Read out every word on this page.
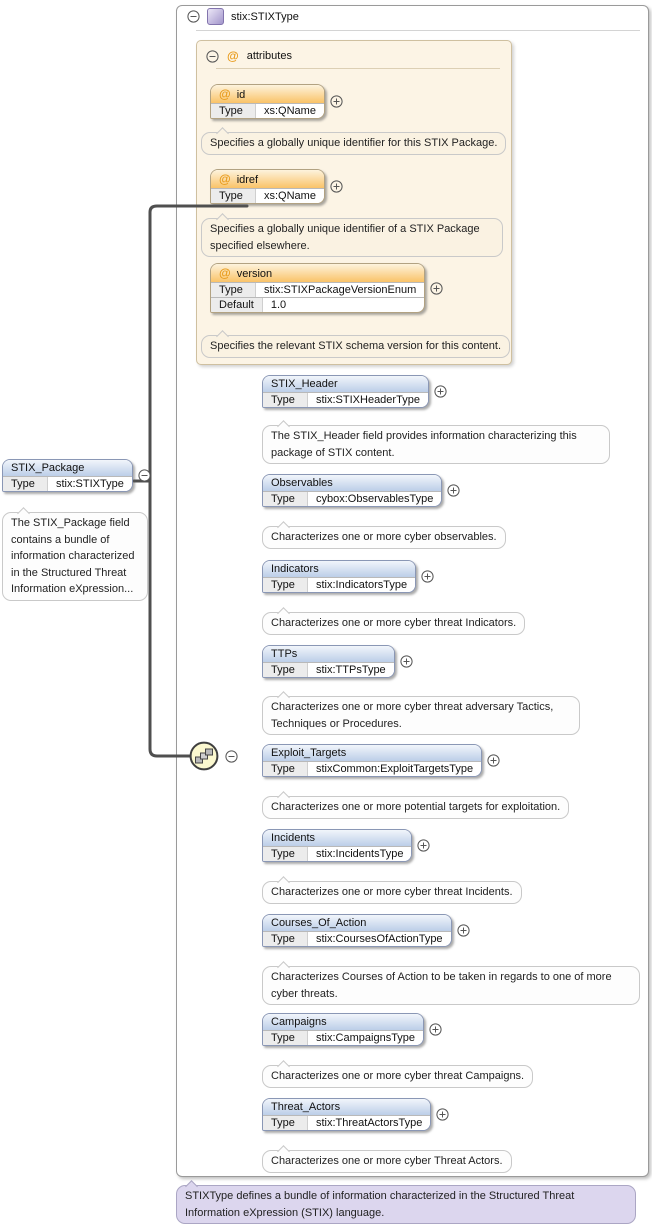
stix:STIXType
@ attributes
@ id
Type	xs:QName
Specifies a globally unique identifier for this STIX Package.
@ idref
Type	xs:QName
Specifies a globally unique identifier of a STIX Package specified elsewhere.
@ version
Type	stix:STIXPackageVersionEnum
Default	1.0
Specifies the relevant STIX schema version for this content.
STIX_Package
Type	stix:STIXType
The STIX_Package field contains a bundle of information characterized in the Structured Threat Information eXpression...
STIX_Header
Type	stix:STIXHeaderType
The STIX_Header field provides information characterizing this package of STIX content.
Observables
Type	cybox:ObservablesType
Characterizes one or more cyber observables.
Indicators
Type	stix:IndicatorsType
Characterizes one or more cyber threat Indicators.
TTPs
Type	stix:TTPsType
Characterizes one or more cyber threat adversary Tactics, Techniques or Procedures.
Exploit_Targets
Type	stixCommon:ExploitTargetsType
Characterizes one or more potential targets for exploitation.
Incidents
Type	stix:IncidentsType
Characterizes one or more cyber threat Incidents.
Courses_Of_Action
Type	stix:CoursesOfActionType
Characterizes Courses of Action to be taken in regards to one of more cyber threats.
Campaigns
Type	stix:CampaignsType
Characterizes one or more cyber threat Campaigns.
Threat_Actors
Type	stix:ThreatActorsType
Characterizes one or more cyber Threat Actors.
STIXType defines a bundle of information characterized in the Structured Threat Information eXpression (STIX) language.
